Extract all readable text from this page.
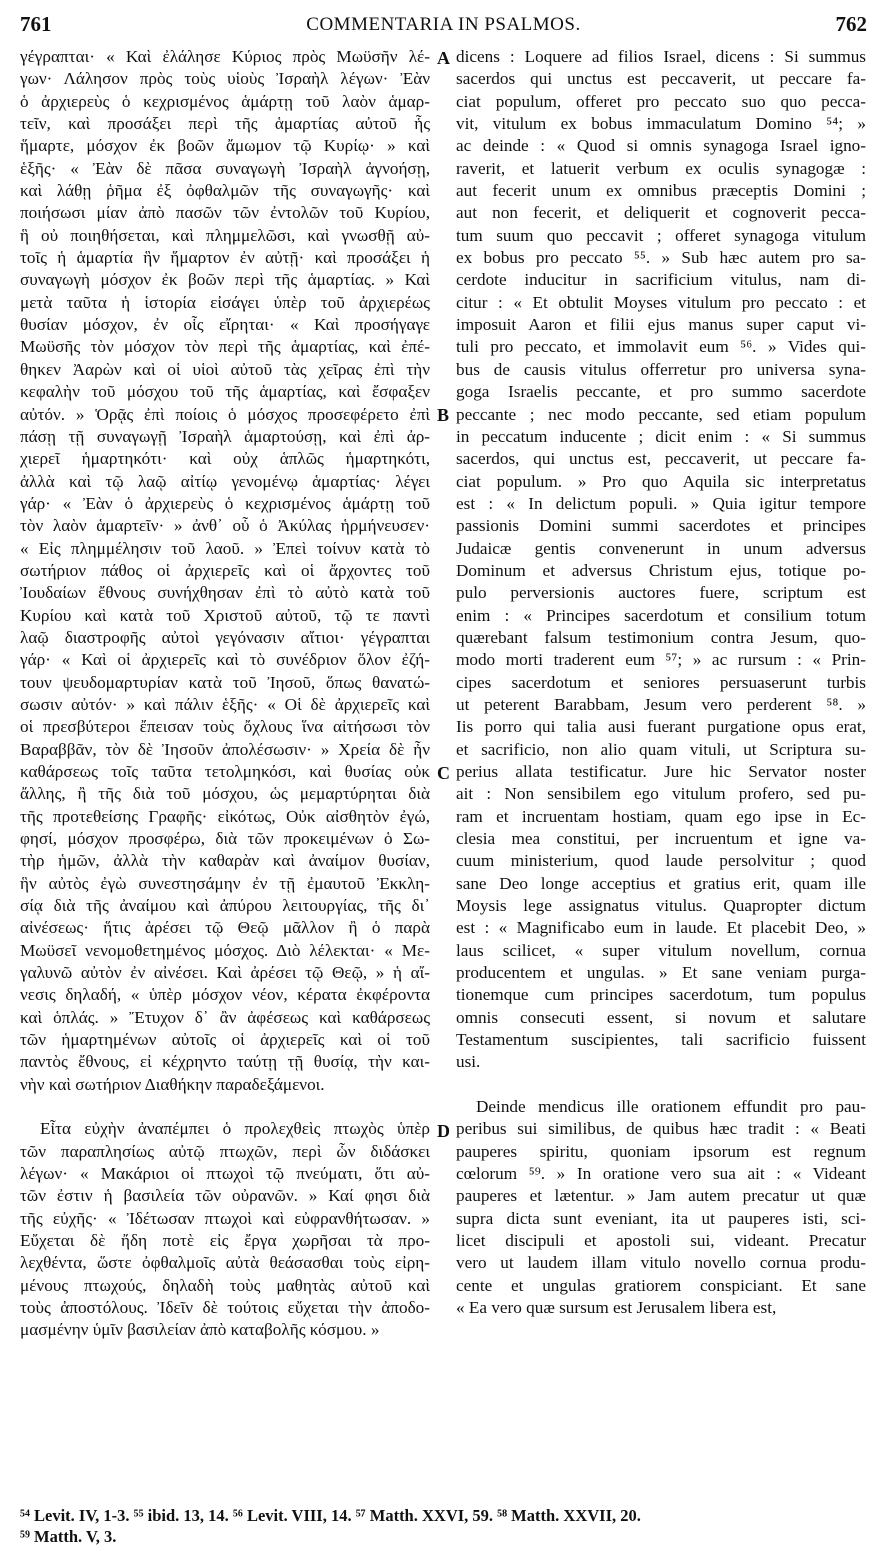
761	COMMENTARIA IN PSALMOS.	762
γέγραπται· « Καὶ ἐλάλησε Κύριος πρὸς Μωϋσῆν λέ-
γων· Λάλησον πρὸς τοὺς υἱοὺς Ἰσραὴλ λέγων· Ἐὰν
ὁ ἀρχιερεὺς ὁ κεχρισμένος ἁμάρτῃ τοῦ λαὸν ἁμαρ-
τεῖν, καὶ προσάξει περὶ τῆς ἁμαρτίας αὐτοῦ ἧς
ἥμαρτε, μόσχον ἐκ βοῶν ἄμωμον τῷ Κυρίῳ· » καὶ
ἑξῆς· « Ἐὰν δὲ πᾶσα συναγωγὴ Ἰσραὴλ ἀγνοήσῃ,
καὶ λάθῃ ῥῆμα ἐξ ὀφθαλμῶν τῆς συναγωγῆς· καὶ
ποιήσωσι μίαν ἀπὸ πασῶν τῶν ἐντολῶν τοῦ Κυρίου,
ἣ οὐ ποιηθήσεται, καὶ πλημμελῶσι, καὶ γνωσθῇ αὐ-
τοῖς ἡ ἁμαρτία ἣν ἥμαρτον ἐν αὐτῇ· καὶ προσάξει ἡ
συναγωγὴ μόσχον ἐκ βοῶν περὶ τῆς ἁμαρτίας. » Καὶ
μετὰ ταῦτα ἡ ἱστορία εἰσάγει ὑπὲρ τοῦ ἀρχιερέως
θυσίαν μόσχον, ἐν οἷς εἴρηται· « Καὶ προσήγαγε
Μωϋσῆς τὸν μόσχον τὸν περὶ τῆς ἁμαρτίας, καὶ ἐπέ-
θηκεν Ἀαρὼν καὶ οἱ υἱοὶ αὐτοῦ τὰς χεῖρας ἐπὶ τὴν
κεφαλὴν τοῦ μόσχου τοῦ τῆς ἁμαρτίας, καὶ ἔσφαξεν
αὐτόν. » Ὁρᾷς ἐπὶ ποίοις ὁ μόσχος προσεφέρετο ἐπὶ
πάσῃ τῇ συναγωγῇ Ἰσραὴλ ἁμαρτούσῃ, καὶ ἐπὶ ἀρ-
χιερεῖ ἡμαρτηκότι· καὶ οὐχ ἁπλῶς ἡμαρτηκότι,
ἀλλὰ καὶ τῷ λαῷ αἰτίῳ γενομένῳ ἁμαρτίας· λέγει
γάρ· « Ἐὰν ὁ ἀρχιερεὺς ὁ κεχρισμένος ἁμάρτῃ τοῦ
τὸν λαὸν ἁμαρτεῖν· » ἀνθ᾽ οὗ ὁ Ἀκύλας ἡρμήνευσεν·
« Εἰς πλημμέλησιν τοῦ λαοῦ. » Ἐπεὶ τοίνυν κατὰ τὸ
σωτήριον πάθος οἱ ἀρχιερεῖς καὶ οἱ ἄρχοντες τοῦ
Ἰουδαίων ἔθνους συνήχθησαν ἐπὶ τὸ αὐτὸ κατὰ τοῦ
Κυρίου καὶ κατὰ τοῦ Χριστοῦ αὐτοῦ, τῷ τε παντὶ
λαῷ διαστροφῆς αὐτοὶ γεγόνασιν αἴτιοι· γέγραπται
γάρ· « Καὶ οἱ ἀρχιερεῖς καὶ τὸ συνέδριον ὅλον ἐζή-
τουν ψευδομαρτυρίαν κατὰ τοῦ Ἰησοῦ, ὅπως θανατώ-
σωσιν αὐτόν· » καὶ πάλιν ἑξῆς· « Οἱ δὲ ἀρχιερεῖς καὶ
οἱ πρεσβύτεροι ἔπεισαν τοὺς ὄχλους ἵνα αἰτήσωσι τὸν
Βαραββᾶν, τὸν δὲ Ἰησοῦν ἀπολέσωσιν· » Χρεία δὲ ἦν
καθάρσεως τοῖς ταῦτα τετολμηκόσι, καὶ θυσίας οὐκ
ἄλλης, ἢ τῆς διὰ τοῦ μόσχου, ὡς μεμαρτύρηται διὰ
τῆς προτεθείσης Γραφῆς· εἰκότως, Οὐκ αἰσθητὸν ἐγώ,
φησί, μόσχον προσφέρω, διὰ τῶν προκειμένων ὁ Σω-
τὴρ ἡμῶν, ἀλλὰ τὴν καθαρὰν καὶ ἀναίμον θυσίαν,
ἣν αὐτὸς ἐγὼ συνεστησάμην ἐν τῇ ἐμαυτοῦ Ἐκκλη-
σίᾳ διὰ τῆς ἀναίμου καὶ ἀπύρου λειτουργίας, τῆς δι᾽
αἰνέσεως· ἥτις ἀρέσει τῷ Θεῷ μᾶλλον ἢ ὁ παρὰ
Μωϋσεῖ νενομοθετημένος μόσχος. Διὸ λέλεκται· « Με-
γαλυνῶ αὐτὸν ἐν αἰνέσει. Καὶ ἀρέσει τῷ Θεῷ, » ἡ αἴ-
νεσις δηλαδή, « ὑπὲρ μόσχον νέον, κέρατα ἐκφέροντα
καὶ ὁπλάς. » Ἔτυχον δ᾽ ἂν ἀφέσεως καὶ καθάρσεως
τῶν ἡμαρτημένων αὐτοῖς οἱ ἀρχιερεῖς καὶ οἱ τοῦ
παντὸς ἔθνους, εἰ κέχρηντο ταύτῃ τῇ θυσίᾳ, τὴν και-
νὴν καὶ σωτήριον Διαθήκην παραδεξάμενοι.
Εἶτα εὐχὴν ἀναπέμπει ὁ προλεχθεὶς πτωχὸς ὑπὲρ
τῶν παραπλησίως αὐτῷ πτωχῶν, περὶ ὧν διδάσκει
λέγων· « Μακάριοι οἱ πτωχοὶ τῷ πνεύματι, ὅτι αὐ-
τῶν ἐστιν ἡ βασιλεία τῶν οὐρανῶν. » Καί φησι διὰ
τῆς εὐχῆς· « Ἰδέτωσαν πτωχοὶ καὶ εὐφρανθήτωσαν. »
Εὔχεται δὲ ἤδη ποτὲ εἰς ἔργα χωρῆσαι τὰ προ-
λεχθέντα, ὥστε ὀφθαλμοῖς αὐτὰ θεάσασθαι τοὺς εἰρη-
μένους πτωχούς, δηλαδὴ τοὺς μαθητὰς αὐτοῦ καὶ
τοὺς ἀποστόλους. Ἰδεῖν δὲ τούτοις εὔχεται τὴν ἀποδο-
μασμένην ὑμῖν βασιλείαν ἀπὸ καταβολῆς κόσμου. »
dicens : Loquere ad filios Israel, dicens : Si summus
sacerdos qui unctus est peccaverit, ut peccare fa-
ciat populum, offeret pro peccato suo quo pecca-
vit, vitulum ex bobus immaculatum Domino ⁵⁴; »
ac deinde : « Quod si omnis synagoga Israel igno-
raverit, et latuerit verbum ex oculis synagogæ :
aut fecerit unum ex omnibus præceptis Domini ;
aut non fecerit, et deliquerit et cognoverit pecca-
tum suum quo peccavit ; offeret synagoga vitulum
ex bobus pro peccato ⁵⁵. » Sub hæc autem pro sa-
cerdote inducitur in sacrificium vitulus, nam di-
citur : « Et obtulit Moyses vitulum pro peccato : et
imposuit Aaron et filii ejus manus super caput vi-
tuli pro peccato, et immolavit eum ⁵⁶. » Vides qui-
bus de causis vitulus offerretur pro universa syna-
goga Israelis peccante, et pro summo sacerdote
peccante ; nec modo peccante, sed etiam populum
in peccatum inducente ; dicit enim : « Si summus
sacerdos, qui unctus est, peccaverit, ut peccare fa-
ciat populum. » Pro quo Aquila sic interpretatus
est : « In delictum populi. » Quia igitur tempore
passionis Domini summi sacerdotes et principes
Judaicæ gentis convenerunt in unum adversus
Dominum et adversus Christum ejus, totique po-
pulo perversionis auctores fuere, scriptum est
enim : « Principes sacerdotum et consilium totum
quærebant falsum testimonium contra Jesum, quo-
modo morti traderent eum ⁵⁷; » ac rursum : « Prin-
cipes sacerdotum et seniores persuaserunt turbis
ut peterent Barabbam, Jesum vero perderent ⁵⁸. »
Iis porro qui talia ausi fuerant purgatione opus erat,
et sacrificio, non alio quam vituli, ut Scriptura su-
perius allata testificatur. Jure hic Servator noster
ait : Non sensibilem ego vitulum profero, sed pu-
ram et incruentam hostiam, quam ego ipse in Ec-
clesia mea constitui, per incruentum et igne va-
cuum ministerium, quod laude persolvitur ; quod
sane Deo longe acceptius et gratius erit, quam ille
Moysis lege assignatus vitulus. Quapropter dictum
est : « Magnificabo eum in laude. Et placebit Deo, »
laus scilicet, « super vitulum novellum, cornua
producentem et ungulas. » Et sane veniam purga-
tionemque cum principes sacerdotum, tum populus
omnis consecuti essent, si novum et salutare
Testamentum suscipientes, tali sacrificio fuissent
usi.
Deinde mendicus ille orationem effundit pro pau-
peribus sui similibus, de quibus hæc tradit : « Beati
pauperes spiritu, quoniam ipsorum est regnum
cœlorum ⁵⁹. » In oratione vero sua ait : « Videant
pauperes et lætentur. » Jam autem precatur ut quæ
supra dicta sunt eveniant, ita ut pauperes isti, sci-
licet discipuli et apostoli sui, videant. Precatur
vero ut laudem illam vitulo novello cornua produ-
cente et ungulas gratiorem conspiciant. Et sane
« Ea vero quæ sursum est Jerusalem libera est,
A
B
C
D
⁵⁴ Levit. IV, 1-3. ⁵⁵ ibid. 13, 14. ⁵⁶ Levit. VIII, 14. ⁵⁷ Matth. XXVI, 59. ⁵⁸ Matth. XXVII, 20.
⁵⁹ Matth. V, 3.
